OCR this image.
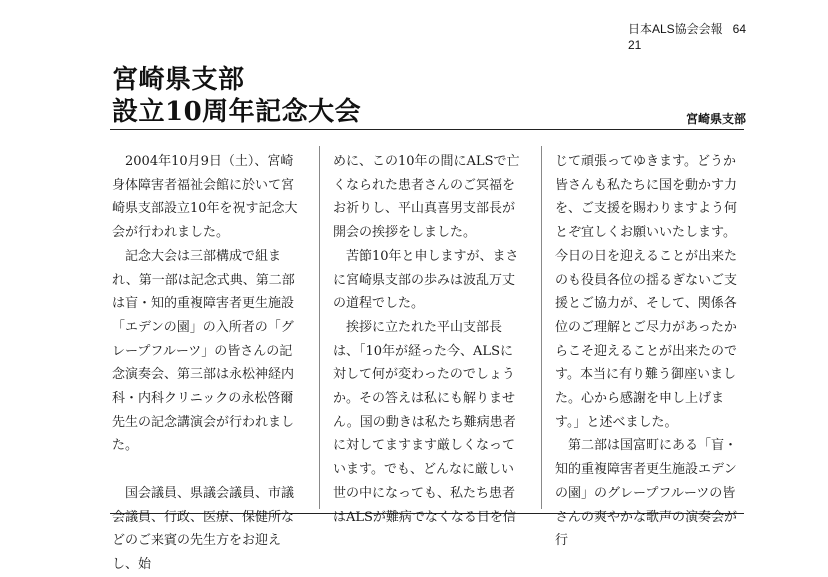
日本ALS協会会報 64
21
宮崎県支部
設立10周年記念大会	宮崎県支部

　2004年10月9日（土）、宮崎身体障害者福祉会館に於いて宮崎県支部設立10年を祝す記念大会が行われました。

　記念大会は三部構成で組まれ、第一部は記念式典、第二部は盲・知的重複障害者更生施設「エデンの園」の入所者の「グレープフルーツ」の皆さんの記念演奏会、第三部は永松神経内科・内科クリニックの永松啓爾先生の記念講演会が行われました。

　国会議員、県議会議員、市議会議員、行政、医療、保健所などのご来賓の先生方をお迎えし、始

めに、この10年の間にALSで亡くなられた患者さんのご冥福をお祈りし、平山真喜男支部長が開会の挨拶をしました。

　苦節10年と申しますが、まさに宮崎県支部の歩みは波乱万丈の道程でした。

　挨拶に立たれた平山支部長は、「10年が経った今、ALSに対して何が変わったのでしょうか。その答えは私にも解りません。国の動きは私たち難病患者に対してますます厳しくなっています。でも、どんなに厳しい世の中になっても、私たち患者はALSが難病でなくなる日を信

じて頑張ってゆきます。どうか皆さんも私たちに国を動かす力を、ご支援を賜わりますよう何とぞ宜しくお願いいたします。今日の日を迎えることが出来たのも役員各位の揺るぎないご支援とご協力が、そして、関係各位のご理解とご尽力があったからこそ迎えることが出来たのです。本当に有り難う御座いました。心から感謝を申し上げます。」と述べました。

　第二部は国富町にある「盲・知的重複障害者更生施設エデンの園」のグレープフルーツの皆さんの爽やかな歌声の演奏会が行
